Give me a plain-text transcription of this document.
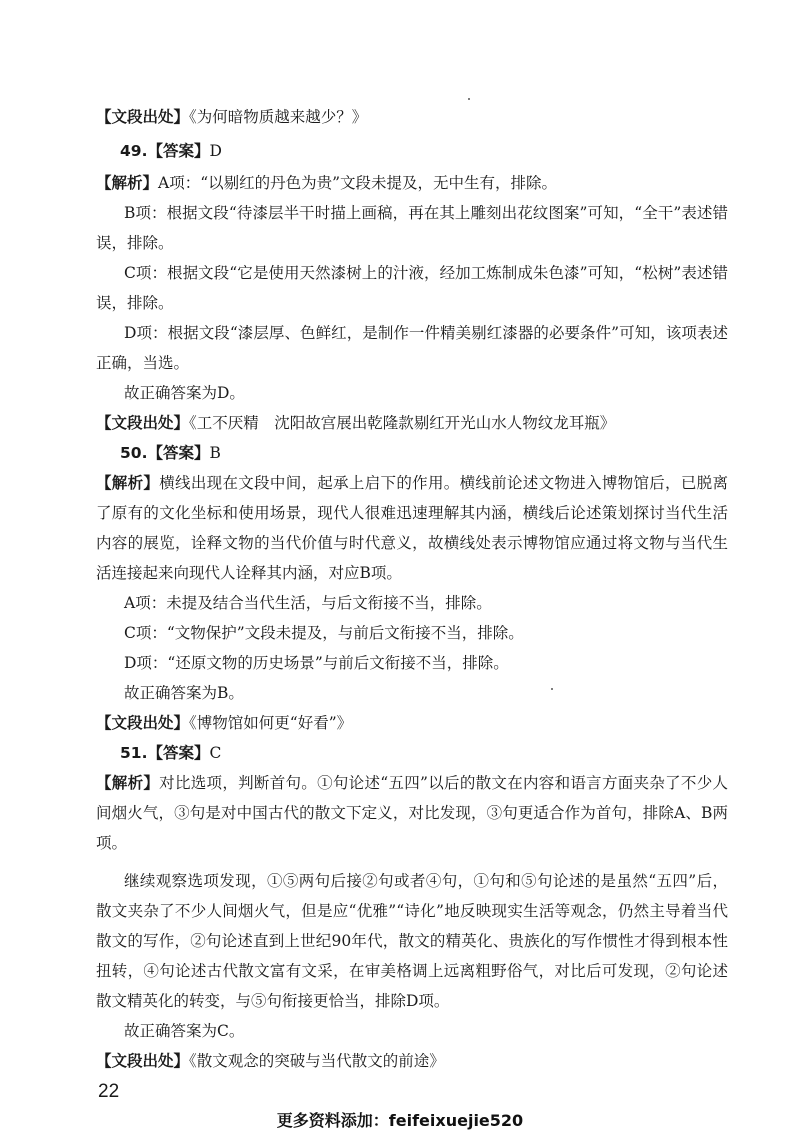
【文段出处】《为何暗物质越来越少？》

49.【答案】D

【解析】A项：“以剔红的丹色为贵”文段未提及，无中生有，排除。

B项：根据文段“待漆层半干时描上画稿，再在其上雕刻出花纹图案”可知，“全干”表述错误，排除。

C项：根据文段“它是使用天然漆树上的汁液，经加工炼制成朱色漆”可知，“松树”表述错误，排除。

D项：根据文段“漆层厚、色鲜红，是制作一件精美剔红漆器的必要条件”可知，该项表述正确，当选。

故正确答案为D。

【文段出处】《工不厌精　沈阳故宫展出乾隆款剔红开光山水人物纹龙耳瓶》

50.【答案】B

【解析】横线出现在文段中间，起承上启下的作用。横线前论述文物进入博物馆后，已脱离了原有的文化坐标和使用场景，现代人很难迅速理解其内涵，横线后论述策划探讨当代生活内容的展览，诠释文物的当代价值与时代意义，故横线处表示博物馆应通过将文物与当代生活连接起来向现代人诠释其内涵，对应B项。

A项：未提及结合当代生活，与后文衔接不当，排除。

C项：“文物保护”文段未提及，与前后文衔接不当，排除。

D项：“还原文物的历史场景”与前后文衔接不当，排除。

故正确答案为B。

【文段出处】《博物馆如何更“好看”》

51.【答案】C

【解析】对比选项，判断首句。①句论述“五四”以后的散文在内容和语言方面夹杂了不少人间烟火气，③句是对中国古代的散文下定义，对比发现，③句更适合作为首句，排除A、B两项。

继续观察选项发现，①⑤两句后接②句或者④句，①句和⑤句论述的是虽然“五四”后，散文夹杂了不少人间烟火气，但是应“优雅”“诗化”地反映现实生活等观念，仍然主导着当代散文的写作，②句论述直到上世纪90年代，散文的精英化、贵族化的写作惯性才得到根本性扭转，④句论述古代散文富有文采，在审美格调上远离粗野俗气，对比后可发现，②句论述散文精英化的转变，与⑤句衔接更恰当，排除D项。

故正确答案为C。

【文段出处】《散文观念的突破与当代散文的前途》

22
更多资料添加：feifeixuejie520
